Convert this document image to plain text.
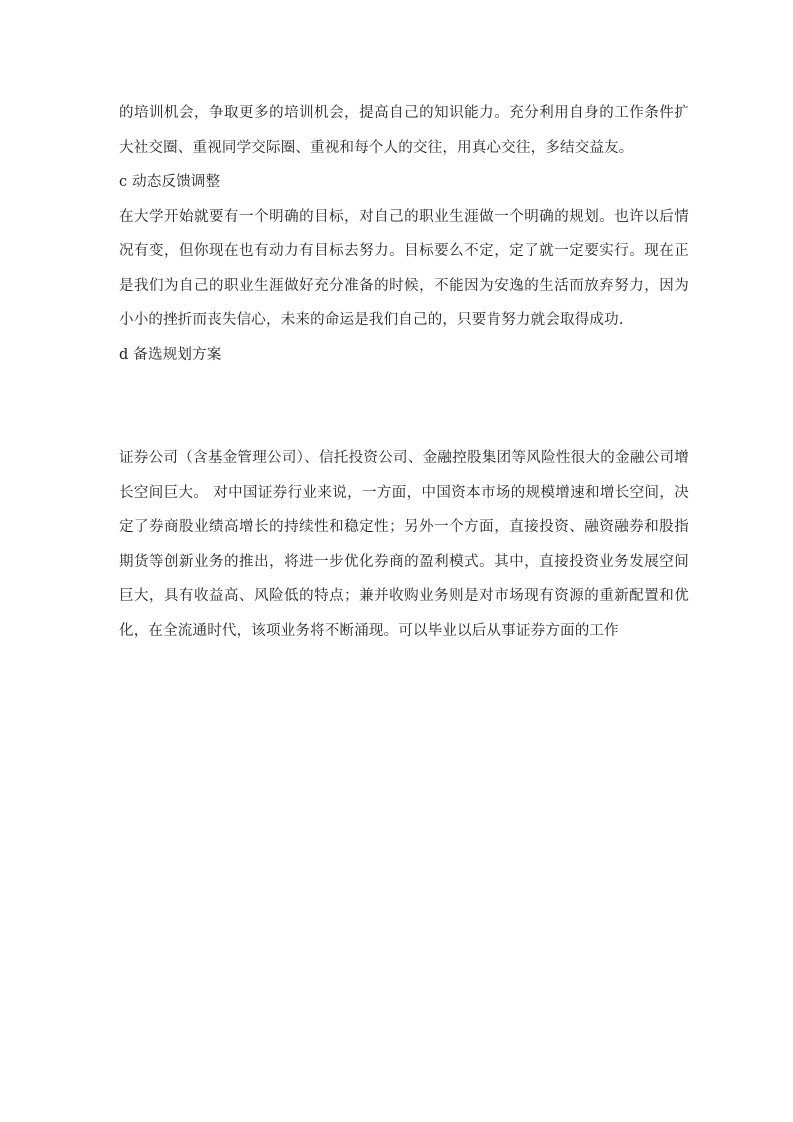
的培训机会，争取更多的培训机会，提高自己的知识能力。充分利用自身的工作条件扩大社交圈、重视同学交际圈、重视和每个人的交往，用真心交往，多结交益友。

c 动态反馈调整

在大学开始就要有一个明确的目标，对自己的职业生涯做一个明确的规划。也许以后情况有变，但你现在也有动力有目标去努力。目标要么不定，定了就一定要实行。现在正是我们为自己的职业生涯做好充分准备的时候，不能因为安逸的生活而放弃努力，因为小小的挫折而丧失信心，未来的命运是我们自己的，只要肯努力就会取得成功.

d 备选规划方案

证券公司（含基金管理公司）、信托投资公司、金融控股集团等风险性很大的金融公司增长空间巨大。 对中国证券行业来说，一方面，中国资本市场的规模增速和增长空间，决定了券商股业绩高增长的持续性和稳定性；另外一个方面，直接投资、融资融券和股指期货等创新业务的推出，将进一步优化券商的盈利模式。其中，直接投资业务发展空间巨大，具有收益高、风险低的特点；兼并收购业务则是对市场现有资源的重新配置和优化，在全流通时代，该项业务将不断涌现。可以毕业以后从事证券方面的工作
